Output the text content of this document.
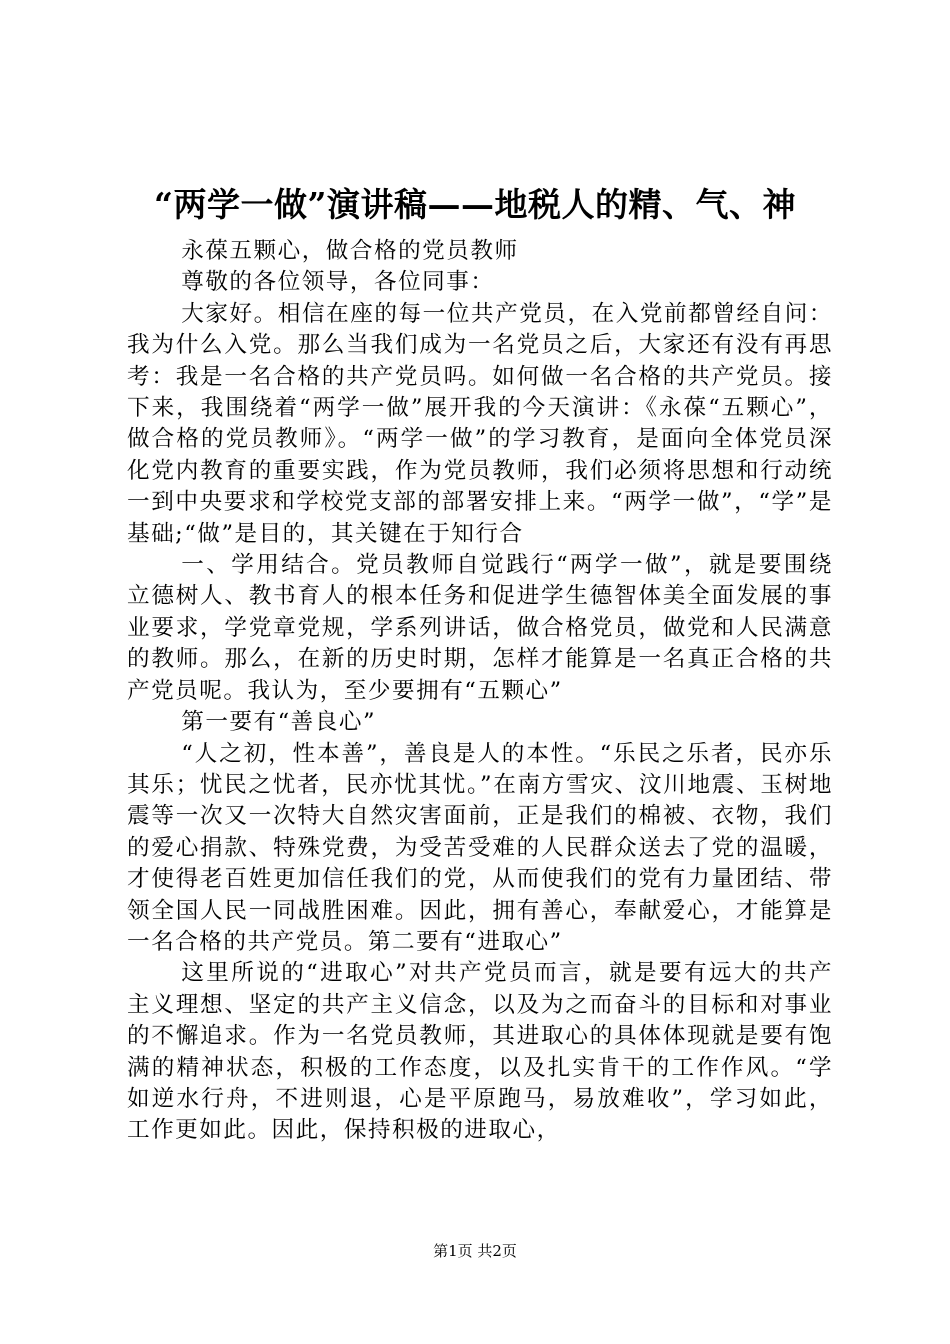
“两学一做”演讲稿——地税人的精、气、神

永葆五颗心，做合格的党员教师

尊敬的各位领导，各位同事：

大家好。相信在座的每一位共产党员，在入党前都曾经自问：我为什么入党。那么当我们成为一名党员之后，大家还有没有再思考：我是一名合格的共产党员吗。如何做一名合格的共产党员。接下来，我围绕着“两学一做”展开我的今天演讲：《永葆“五颗心”，做合格的党员教师》。“两学一做”的学习教育，是面向全体党员深化党内教育的重要实践，作为党员教师，我们必须将思想和行动统一到中央要求和学校党支部的部署安排上来。“两学一做”，“学”是基础;“做”是目的，其关键在于知行合

一、学用结合。党员教师自觉践行“两学一做”，就是要围绕立德树人、教书育人的根本任务和促进学生德智体美全面发展的事业要求，学党章党规，学系列讲话，做合格党员，做党和人民满意的教师。那么，在新的历史时期，怎样才能算是一名真正合格的共产党员呢。我认为，至少要拥有“五颗心”

第一要有“善良心”

“人之初，性本善”，善良是人的本性。“乐民之乐者，民亦乐其乐；忧民之忧者，民亦忧其忧。”在南方雪灾、汶川地震、玉树地震等一次又一次特大自然灾害面前，正是我们的棉被、衣物，我们的爱心捐款、特殊党费，为受苦受难的人民群众送去了党的温暖，才使得老百姓更加信任我们的党，从而使我们的党有力量团结、带领全国人民一同战胜困难。因此，拥有善心，奉献爱心，才能算是一名合格的共产党员。第二要有“进取心”

这里所说的“进取心”对共产党员而言，就是要有远大的共产主义理想、坚定的共产主义信念，以及为之而奋斗的目标和对事业的不懈追求。作为一名党员教师，其进取心的具体体现就是要有饱满的精神状态，积极的工作态度，以及扎实肯干的工作作风。“学如逆水行舟，不进则退，心是平原跑马，易放难收”，学习如此，工作更如此。因此，保持积极的进取心，

第1页 共2页
